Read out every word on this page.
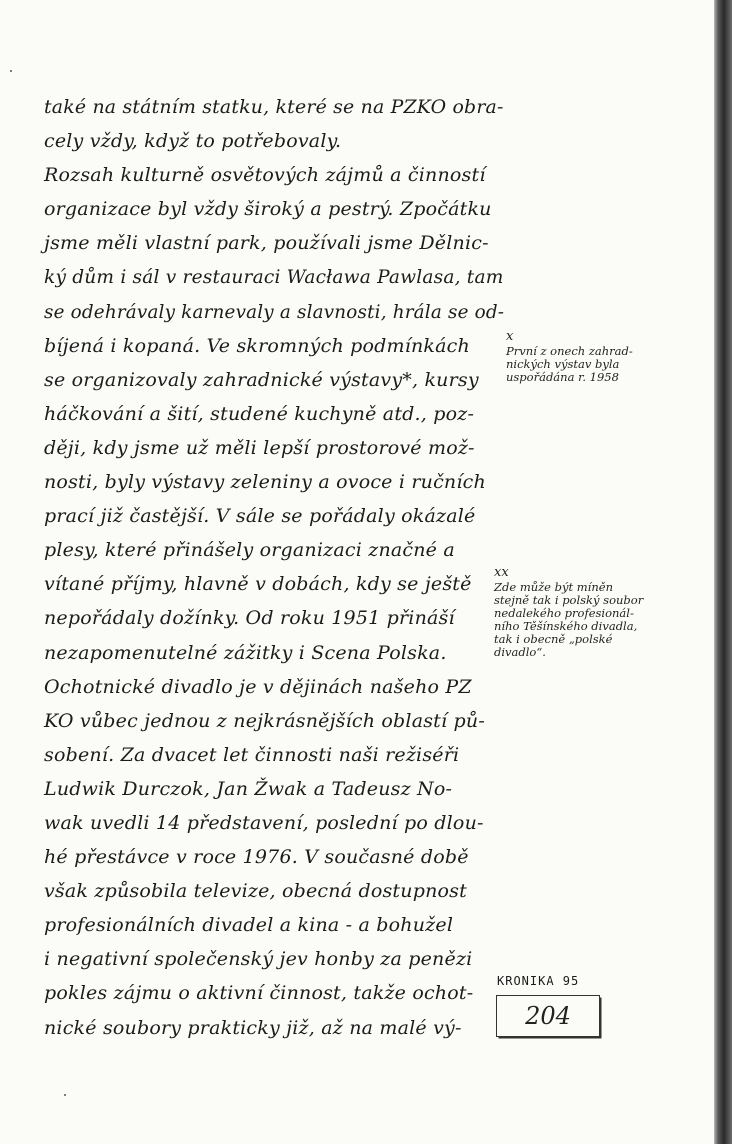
také na státním statku, které se na PZKO obra-
cely vždy, když to potřebovaly.
Rozsah kulturně osvětových zájmů a činností
organizace byl vždy široký a pestrý. Zpočátku
jsme měli vlastní park, používali jsme Dělnic-
ký dům i sál v restauraci Wacława Pawlasa, tam
se odehrávaly karnevaly a slavnosti, hrála se od-
bíjená i kopaná. Ve skromných podmínkách
se organizovaly zahradnické výstavy*, kursy
háčkování a šití, studené kuchyně atd., poz-
ději, kdy jsme už měli lepší prostorové mož-
nosti, byly výstavy zeleniny a ovoce i ručních
prací již častější. V sále se pořádaly okázalé
plesy, které přinášely organizaci značné a
vítané příjmy, hlavně v dobách, kdy se ještě
nepořádaly dožínky. Od roku 1951 přináší
nezapomenutelné zážitky i Scena Polska.
Ochotnické divadlo je v dějinách našeho PZ
KO vůbec jednou z nejkrásnějších oblastí pů-
sobení. Za dvacet let činnosti naši režiséři
Ludwik Durczok, Jan Žwak a Tadeusz No-
wak uvedli 14 představení, poslední po dlou-
hé přestávce v roce 1976. V současné době
však způsobila televize, obecná dostupnost
profesionálních divadel a kina - a bohužel
i negativní společenský jev honby za penězi
pokles zájmu o aktivní činnost, takže ochot-
nické soubory prakticky již, až na malé vý-
x
První z onech zahrad-
nických výstav byla
uspořádána r. 1958
xx
Zde může být míněn
stejně tak i polský soubor
nedalekého profesionál-
ního Těšínského divadla,
tak i obecně „polské
divadlo“.
KRONIKA 95
204
